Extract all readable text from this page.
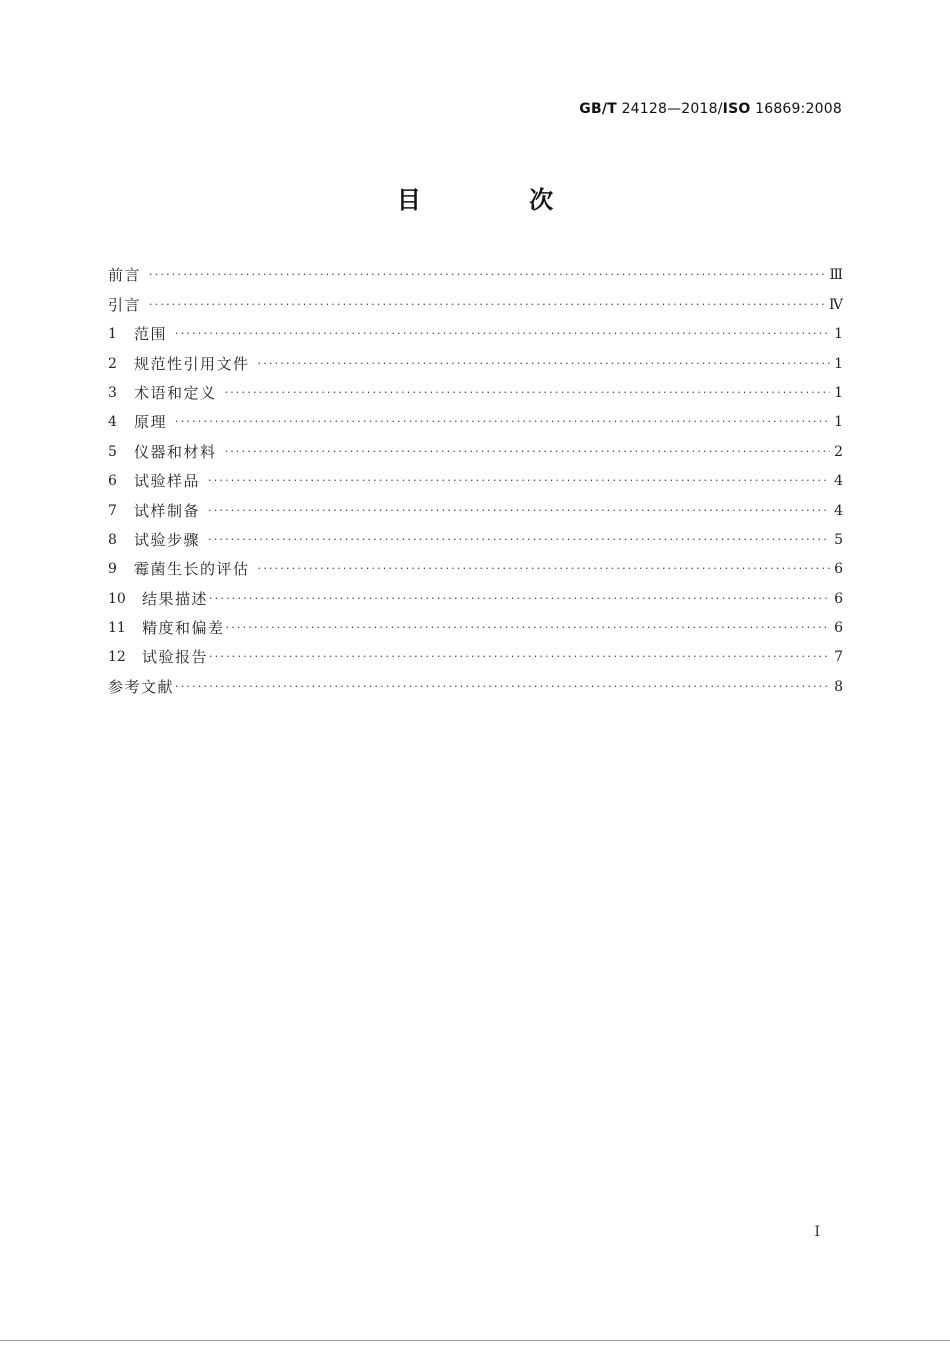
GB/T 24128—2018/ISO 16869:2008
目 次
前言 ·····	Ⅲ
引言 ·····	Ⅳ
1	范围 ·····	1
2	规范性引用文件 ·····	1
3	术语和定义 ·····	1
4	原理 ·····	1
5	仪器和材料 ·····	2
6	试验样品 ·····	4
7	试样制备 ·····	4
8	试验步骤 ·····	5
9	霉菌生长的评估 ·····	6
10	结果描述 ·····	6
11	精度和偏差 ·····	6
12	试验报告 ·····	7
参考文献 ·····	8
Ⅰ
